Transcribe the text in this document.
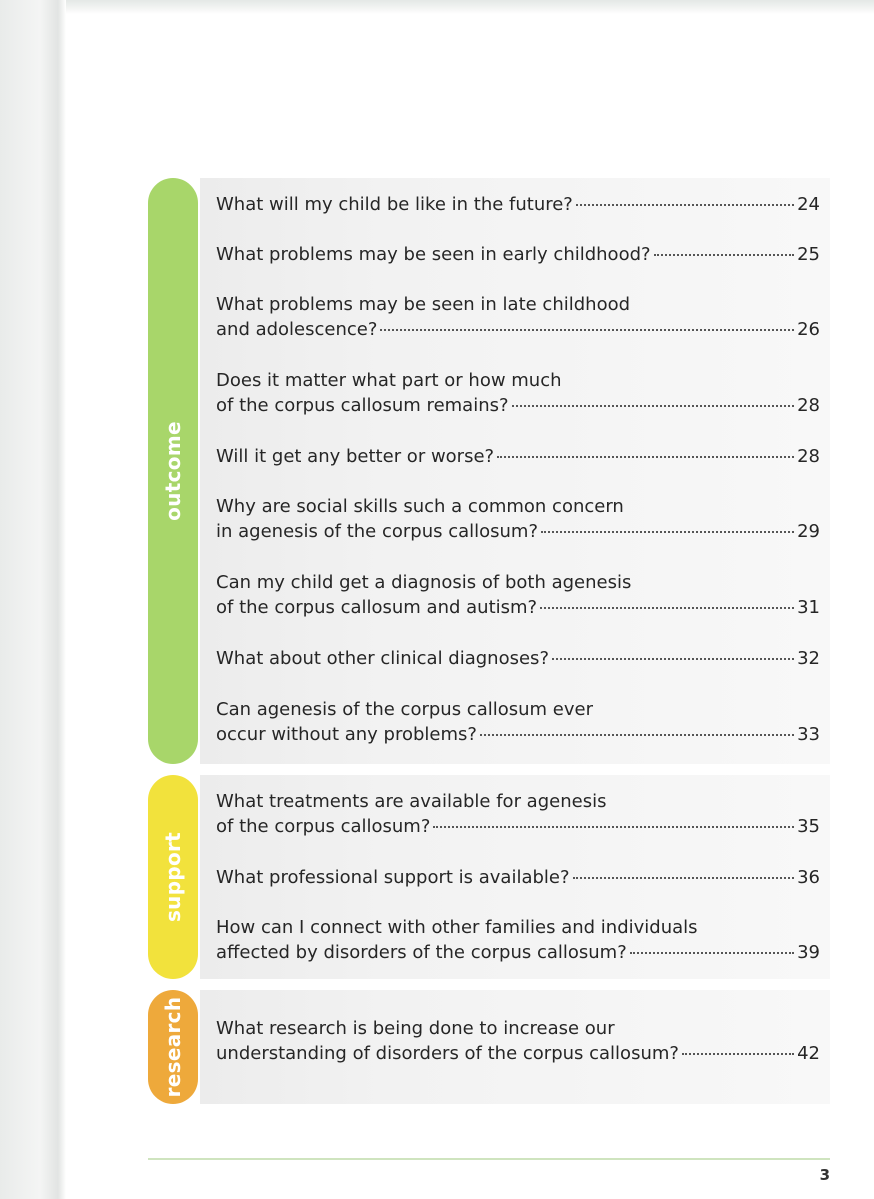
outcome
What will my child be like in the future?	24
What problems may be seen in early childhood?	25
What problems may be seen in late childhood
and adolescence?	26
Does it matter what part or how much
of the corpus callosum remains?	28
Will it get any better or worse?	28
Why are social skills such a common concern
in agenesis of the corpus callosum?	29
Can my child get a diagnosis of both agenesis
of the corpus callosum and autism?	31
What about other clinical diagnoses?	32
Can agenesis of the corpus callosum ever
occur without any problems?	33
support
What treatments are available for agenesis
of the corpus callosum?	35
What professional support is available?	36
How can I connect with other families and individuals
affected by disorders of the corpus callosum?	39
research What research is being done to increase our
understanding of disorders of the corpus callosum?	42
3
